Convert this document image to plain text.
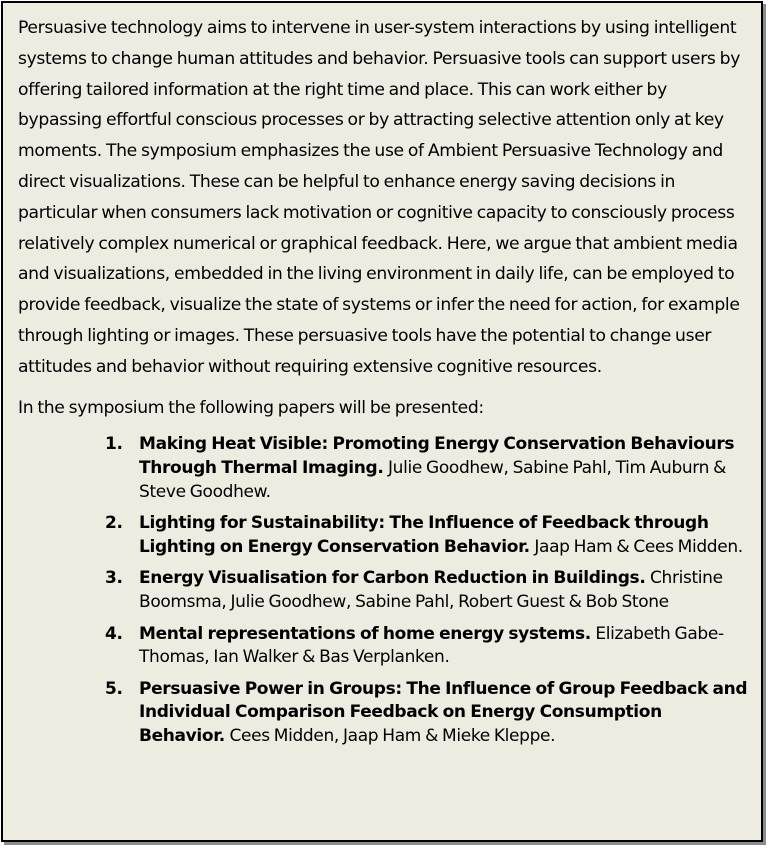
Persuasive technology aims to intervene in user-system interactions by using intelligent systems to change human attitudes and behavior. Persuasive tools can support users by offering tailored information at the right time and place. This can work either by bypassing effortful conscious processes or by attracting selective attention only at key moments. The symposium emphasizes the use of Ambient Persuasive Technology and direct visualizations. These can be helpful to enhance energy saving decisions in particular when consumers lack motivation or cognitive capacity to consciously process relatively complex numerical or graphical feedback. Here, we argue that ambient media and visualizations, embedded in the living environment in daily life, can be employed to provide feedback, visualize the state of systems or infer the need for action, for example through lighting or images. These persuasive tools have the potential to change user attitudes and behavior without requiring extensive cognitive resources.

In the symposium the following papers will be presented:

1. Making Heat Visible: Promoting Energy Conservation Behaviours Through Thermal Imaging. Julie Goodhew, Sabine Pahl, Tim Auburn & Steve Goodhew.
2. Lighting for Sustainability: The Influence of Feedback through Lighting on Energy Conservation Behavior. Jaap Ham & Cees Midden.
3. Energy Visualisation for Carbon Reduction in Buildings. Christine Boomsma, Julie Goodhew, Sabine Pahl, Robert Guest & Bob Stone
4. Mental representations of home energy systems. Elizabeth Gabe-Thomas, Ian Walker & Bas Verplanken.
5. Persuasive Power in Groups: The Influence of Group Feedback and Individual Comparison Feedback on Energy Consumption Behavior. Cees Midden, Jaap Ham & Mieke Kleppe.
